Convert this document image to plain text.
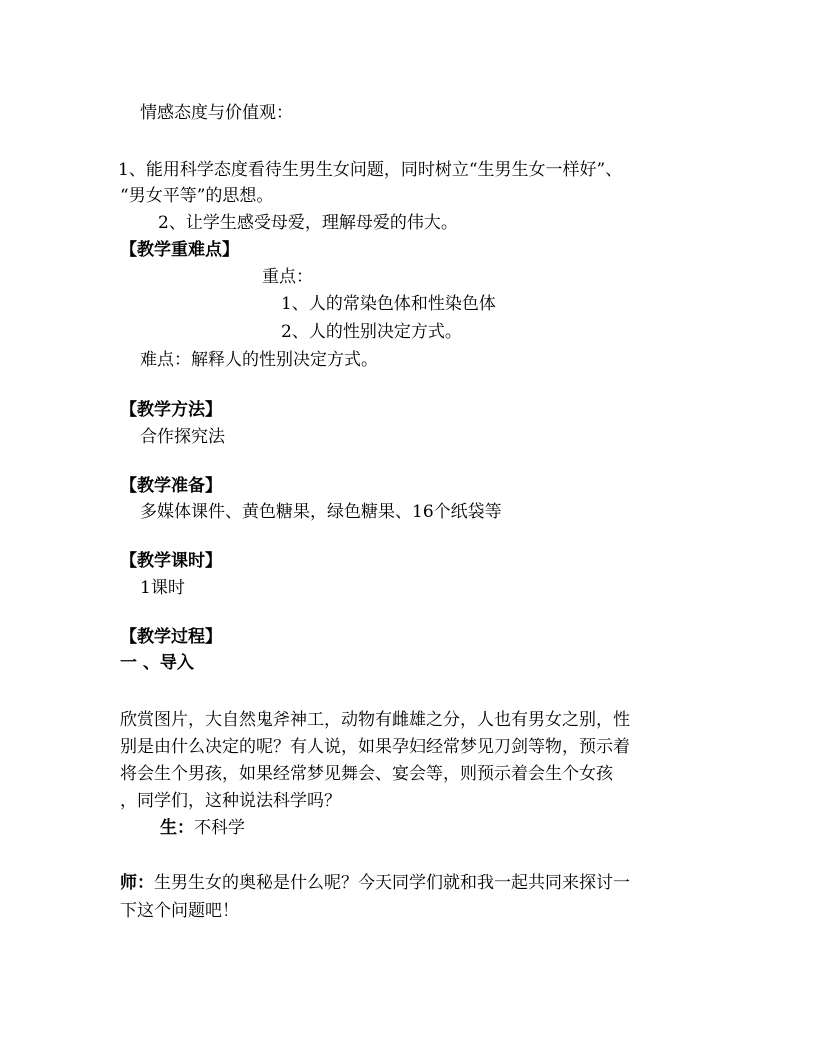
情感态度与价值观：
1、能用科学态度看待生男生女问题，同时树立“生男生女一样好”、
“男女平等”的思想。
2、让学生感受母爱，理解母爱的伟大。
【教学重难点】
重点：
1、人的常染色体和性染色体
2、人的性别决定方式。
难点：解释人的性别决定方式。
【教学方法】
合作探究法
【教学准备】
多媒体课件、黄色糖果，绿色糖果、16个纸袋等
【教学课时】
1课时
【教学过程】
一 、导入
欣赏图片，大自然鬼斧神工，动物有雌雄之分，人也有男女之别，性
别是由什么决定的呢？有人说，如果孕妇经常梦见刀剑等物，预示着
将会生个男孩，如果经常梦见舞会、宴会等，则预示着会生个女孩
，同学们，这种说法科学吗？
生：不科学
师：生男生女的奥秘是什么呢？今天同学们就和我一起共同来探讨一
下这个问题吧！
